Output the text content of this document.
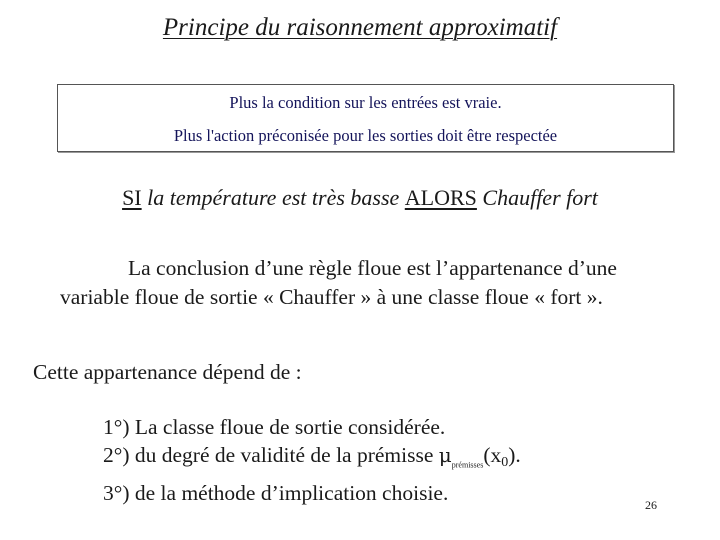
Principe du raisonnement approximatif
Plus la condition sur les entrées est vraie.
Plus l'action préconisée pour les sorties doit être respectée
SI la température est très basse ALORS Chauffer fort
La conclusion d’une règle floue est l’appartenance d’une
variable floue de sortie « Chauffer » à une classe floue « fort ».
Cette appartenance dépend de :
1°) La classe floue de sortie considérée.
2°) du degré de validité de la prémisse $\mu_{prémisses}(x_0)$.
3°) de la méthode d’implication choisie.	26
